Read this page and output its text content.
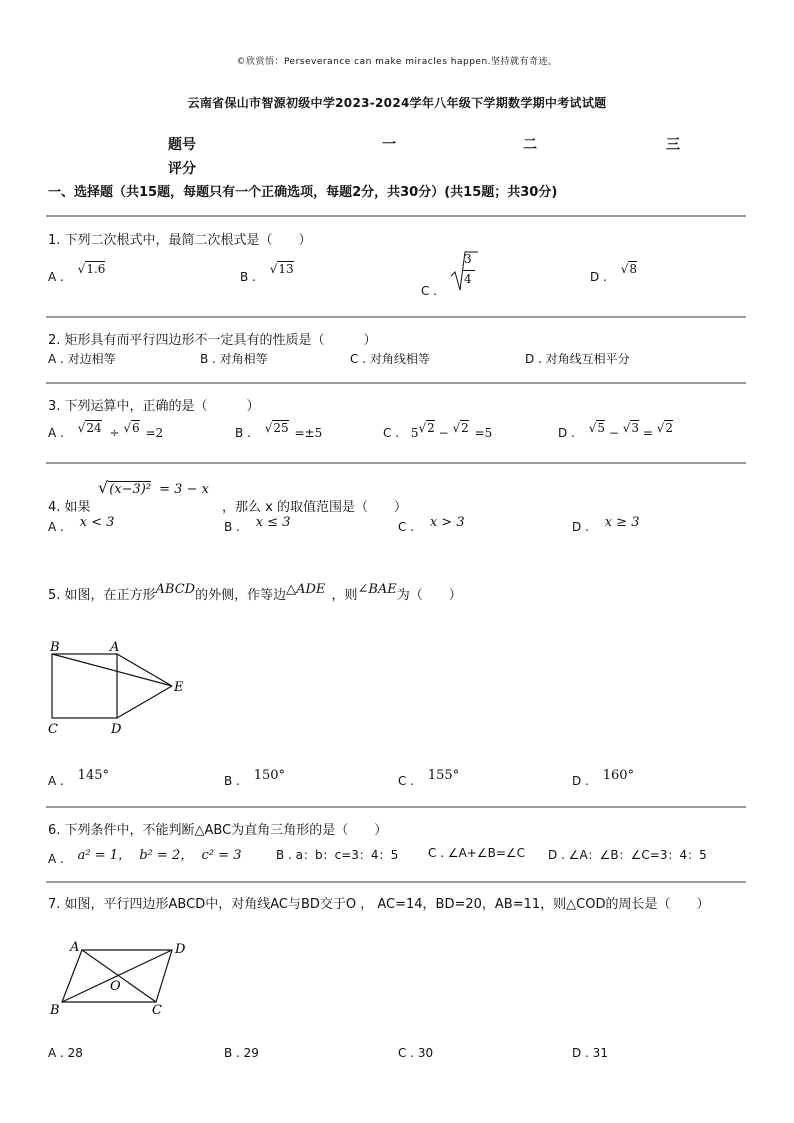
©欣赏悟：Perseverance can make miracles happen.坚持就有奇迹。
云南省保山市智源初级中学2023-2024学年八年级下学期数学期中考试试题
题号	一	二	三
评分
一、选择题（共15题，每题只有一个正确选项，每题2分，共30分）(共15题；共30分)
1. 下列二次根式中，最简二次根式是（　　）
A . √1.6
B . √13
C .
3
4	D . √8
2. 矩形具有而平行四边形不一定具有的性质是（　　　）
A . 对边相等	B . 对角相等	C . 对角线相等	D . 对角线互相平分
3. 下列运算中，正确的是（　　　）
A . √24 ÷ √6 =2	B . √25 =±5	C . 5√2 − √2 =5	D . √5 − √3 = √2
4. 如果
√(x−3)² = 3 − x
，那么 x 的取值范围是（　　）
A . x < 3	B . x ≤ 3	C . x > 3	D . x ≥ 3
5. 如图，在正方形ABCD的外侧，作等边△ADE ，则∠BAE为（　　）
B	A
E
C	D
A . 145°	B . 150°	C . 155°	D . 160°
6. 下列条件中，不能判断△ABC为直角三角形的是（　　）
A . a² = 1，  b² = 2，  c² = 3	B . a：b：c=3：4：5 C . ∠A+∠B=∠C D . ∠A：∠B：∠C=3：4：5
7. 如图，平行四边形ABCD中，对角线AC与BD交于O ， AC=14，BD=20，AB=11，则△COD的周长是（　　）
A	D
O
B	C
A . 28	B . 29	C . 30	D . 31
